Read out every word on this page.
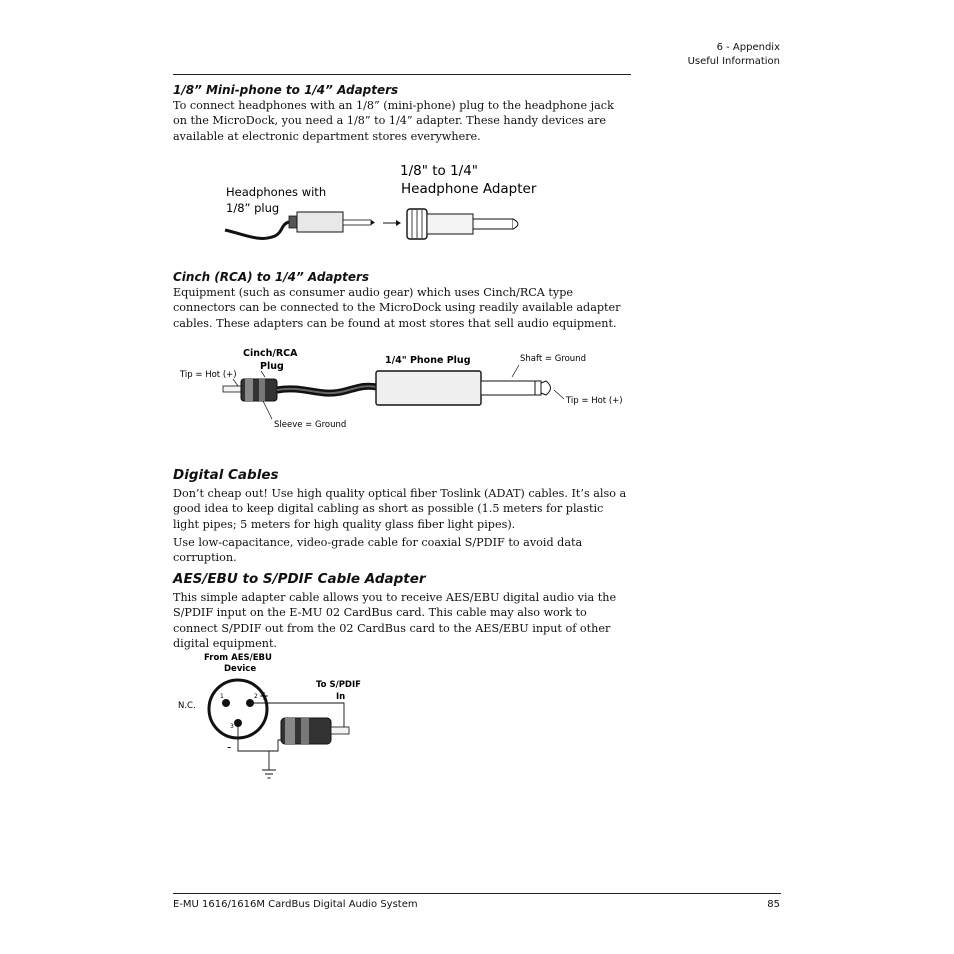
6 - Appendix
Useful Information
1/8” Mini-phone to 1/4” Adapters

To connect headphones with an 1/8” (mini-phone) plug to the headphone jack on the MicroDock, you need a 1/8” to 1/4” adapter. These handy devices are available at electronic department stores everywhere.

1/8" to 1/4"
Headphone Adapter
Headphones with
1/8” plug
Cinch (RCA) to 1/4” Adapters

Equipment (such as consumer audio gear) which uses Cinch/RCA type connectors can be connected to the MicroDock using readily available adapter cables. These adapters can be found at most stores that sell audio equipment.

Cinch/RCA
Plug
1/4" Phone Plug	Shaft = Ground
Tip = Hot (+)
Tip = Hot (+)
Sleeve = Ground
Digital Cables

Don’t cheap out! Use high quality optical fiber Toslink (ADAT) cables. It’s also a good idea to keep digital cabling as short as possible (1.5 meters for plastic light pipes; 5 meters for high quality glass fiber light pipes).

Use low-capacitance, video-grade cable for coaxial S/PDIF to avoid data corruption.

AES/EBU to S/PDIF Cable Adapter

This simple adapter cable allows you to receive AES/EBU digital audio via the S/PDIF input on the E-MU 02 CardBus card. This cable may also work to connect S/PDIF out from the 02 CardBus card to the AES/EBU input of other digital equipment.

From AES/EBU
Device
To S/PDIF
In
N.C.
1	2
3
+
-
E-MU 1616/1616M CardBus Digital Audio System	85
